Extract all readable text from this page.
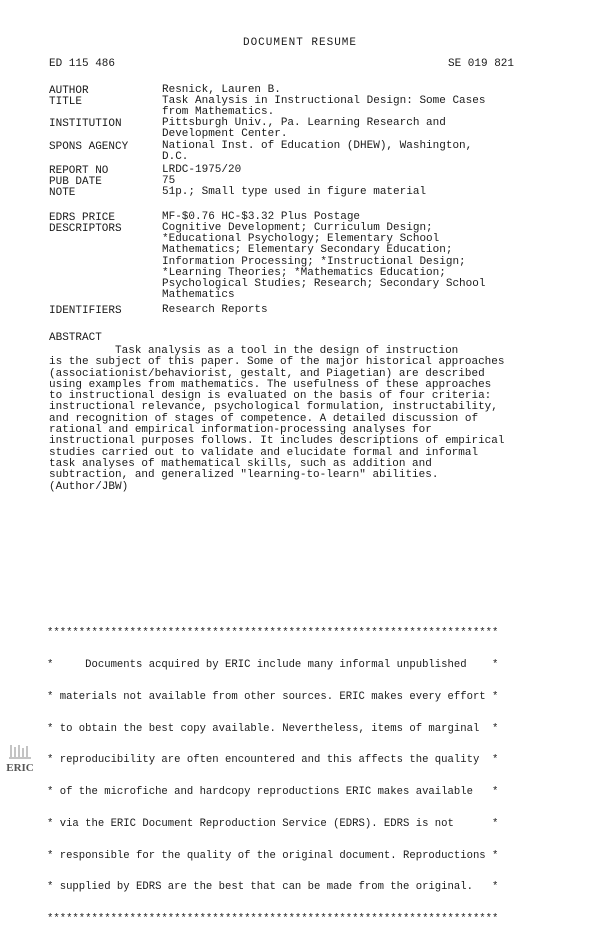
DOCUMENT RESUME
ED 115 486	SE 019 821
AUTHOR	Resnick, Lauren B.
TITLE	Task Analysis in Instructional Design: Some Cases
from Mathematics.
INSTITUTION	Pittsburgh Univ., Pa. Learning Research and
Development Center.
SPONS AGENCY	National Inst. of Education (DHEW), Washington,
D.C.
REPORT NO	LRDC-1975/20
PUB DATE	75
NOTE	51p.; Small type used in figure material
EDRS PRICE	MF-$0.76 HC-$3.32 Plus Postage
DESCRIPTORS	Cognitive Development; Curriculum Design;
*Educational Psychology; Elementary School
Mathematics; Elementary Secondary Education;
Information Processing; *Instructional Design;
*Learning Theories; *Mathematics Education;
Psychological Studies; Research; Secondary School
Mathematics
IDENTIFIERS	Research Reports
ABSTRACT
Task analysis as a tool in the design of instruction
is the subject of this paper. Some of the major historical approaches
(associationist/behaviorist, gestalt, and Piagetian) are described
using examples from mathematics. The usefulness of these approaches
to instructional design is evaluated on the basis of four criteria:
instructional relevance, psychological formulation, instructability,
and recognition of stages of competence. A detailed discussion of
rational and empirical information-processing analyses for
instructional purposes follows. It includes descriptions of empirical
studies carried out to validate and elucidate formal and informal
task analyses of mathematical skills, such as addition and
subtraction, and generalized "learning-to-learn" abilities.
(Author/JBW)

***********************************************************************

*     Documents acquired by ERIC include many informal unpublished    *

* materials not available from other sources. ERIC makes every effort *

* to obtain the best copy available. Nevertheless, items of marginal  *

* reproducibility are often encountered and this affects the quality  *

* of the microfiche and hardcopy reproductions ERIC makes available   *

* via the ERIC Document Reproduction Service (EDRS). EDRS is not      *

* responsible for the quality of the original document. Reproductions *

* supplied by EDRS are the best that can be made from the original.   *

***********************************************************************

ERIC
